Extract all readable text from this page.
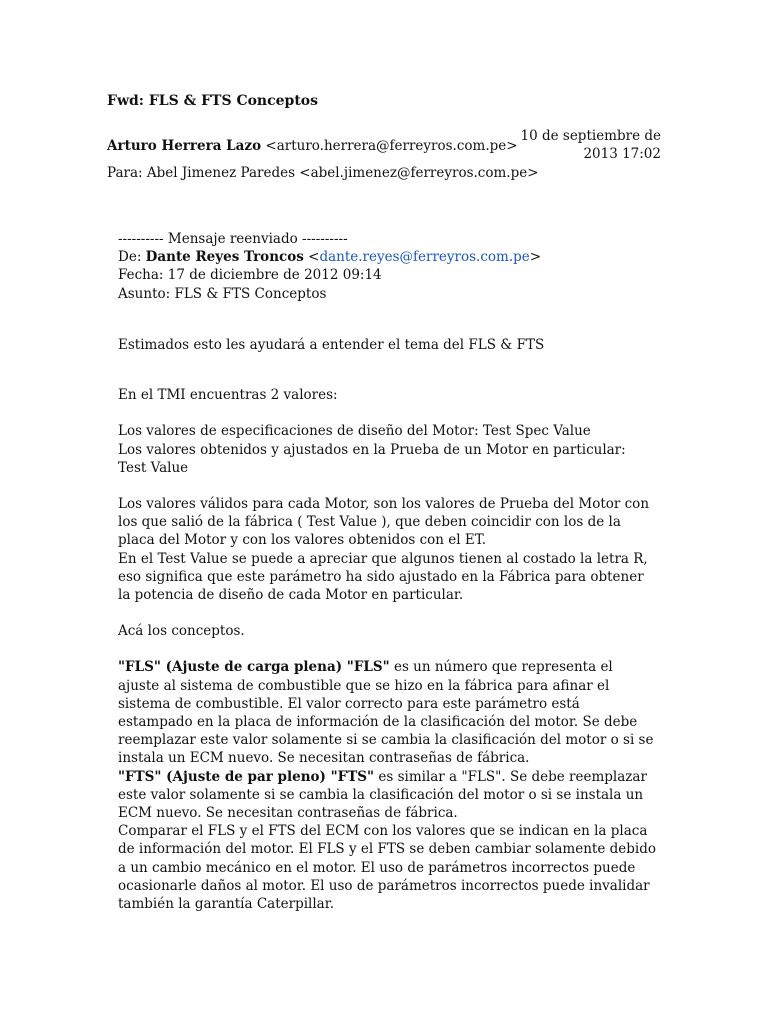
Fwd: FLS & FTS Conceptos
Arturo Herrera Lazo <arturo.herrera@ferreyros.com.pe>
10 de septiembre de
2013 17:02
Para: Abel Jimenez Paredes <abel.jimenez@ferreyros.com.pe>
---------- Mensaje reenviado ----------
De: Dante Reyes Troncos <dante.reyes@ferreyros.com.pe>
Fecha: 17 de diciembre de 2012 09:14
Asunto: FLS & FTS Conceptos

Estimados esto les ayudará a entender el tema del FLS & FTS

En el TMI encuentras 2 valores:

Los valores de especificaciones de diseño del Motor: Test Spec Value

Los valores obtenidos y ajustados en la Prueba de un Motor en particular: Test Value

Los valores válidos para cada Motor, son los valores de Prueba del Motor con los que salió de la fábrica ( Test Value ), que deben coincidir con los de la placa del Motor y con los valores obtenidos con el ET.

En el Test Value se puede a apreciar que algunos tienen al costado la letra R, eso significa que este parámetro ha sido ajustado en la Fábrica para obtener la potencia de diseño de cada Motor en particular.

Acá los conceptos.

"FLS" (Ajuste de carga plena) "FLS" es un número que representa el ajuste al sistema de combustible que se hizo en la fábrica para afinar el sistema de combustible. El valor correcto para este parámetro está estampado en la placa de información de la clasificación del motor. Se debe reemplazar este valor solamente si se cambia la clasificación del motor o si se instala un ECM nuevo. Se necesitan contraseñas de fábrica.

"FTS" (Ajuste de par pleno) "FTS" es similar a "FLS". Se debe reemplazar este valor solamente si se cambia la clasificación del motor o si se instala un ECM nuevo. Se necesitan contraseñas de fábrica.

Comparar el FLS y el FTS del ECM con los valores que se indican en la placa de información del motor. El FLS y el FTS se deben cambiar solamente debido a un cambio mecánico en el motor. El uso de parámetros incorrectos puede ocasionarle daños al motor. El uso de parámetros incorrectos puede invalidar también la garantía Caterpillar.
